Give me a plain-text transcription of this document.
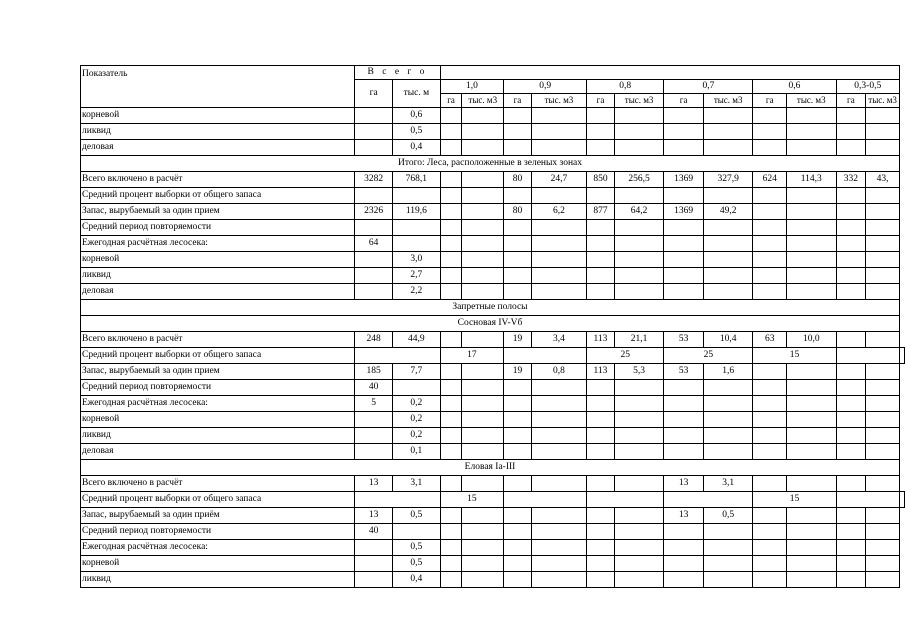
Показатель	В с е г о														
	га	тыс. м	1,0		0,9		0,8		0,7		0,6		0,3-0,5		
			га	тыс. м3	га	тыс. м3	га	тыс. м3	га	тыс. м3	га	тыс. м3	га	тыс. м3	
корневой		0,6													
ликвид		0,5													
деловая		0,4													
Итого: Леса, расположенные в зеленых зонах															
Всего включено в расчёт	3282	768,1			80	24,7	850	256,5	1369	327,9	624	114,3	332	43,	
Средний процент выборки от общего запаса															
Запас, вырубаемый за один прием	2326	119,6			80	6,2	877	64,2	1369	49,2					
Средний период повторяемости															
Ежегодная расчётная лесосека:	64														
корневой		3,0													
ликвид		2,7													
деловая		2,2													
Запретные полосы															
Сосновая IV-Vб															
Всего включено в расчёт	248	44,9			19	3,4	113	21,1	53	10,4	63	10,0			
Средний процент выборки от общего запаса			17				25		25		15				
Запас, вырубаемый за один прием	185	7,7			19	0,8	113	5,3	53	1,6					
Средний период повторяемости	40														
Ежегодная расчётная лесосека:	5	0,2													
корневой		0,2													
ликвид		0,2													
деловая		0,1													
Еловая Iа-III															
Всего включено в расчёт	13	3,1							13	3,1					
Средний процент выборки от общего запаса			15								15				
Запас, вырубаемый за один приём	13	0,5							13	0,5					
Средний период повторяемости	40														
Ежегодная расчётная лесосека:		0,5													
корневой		0,5													
ликвид		0,4													
